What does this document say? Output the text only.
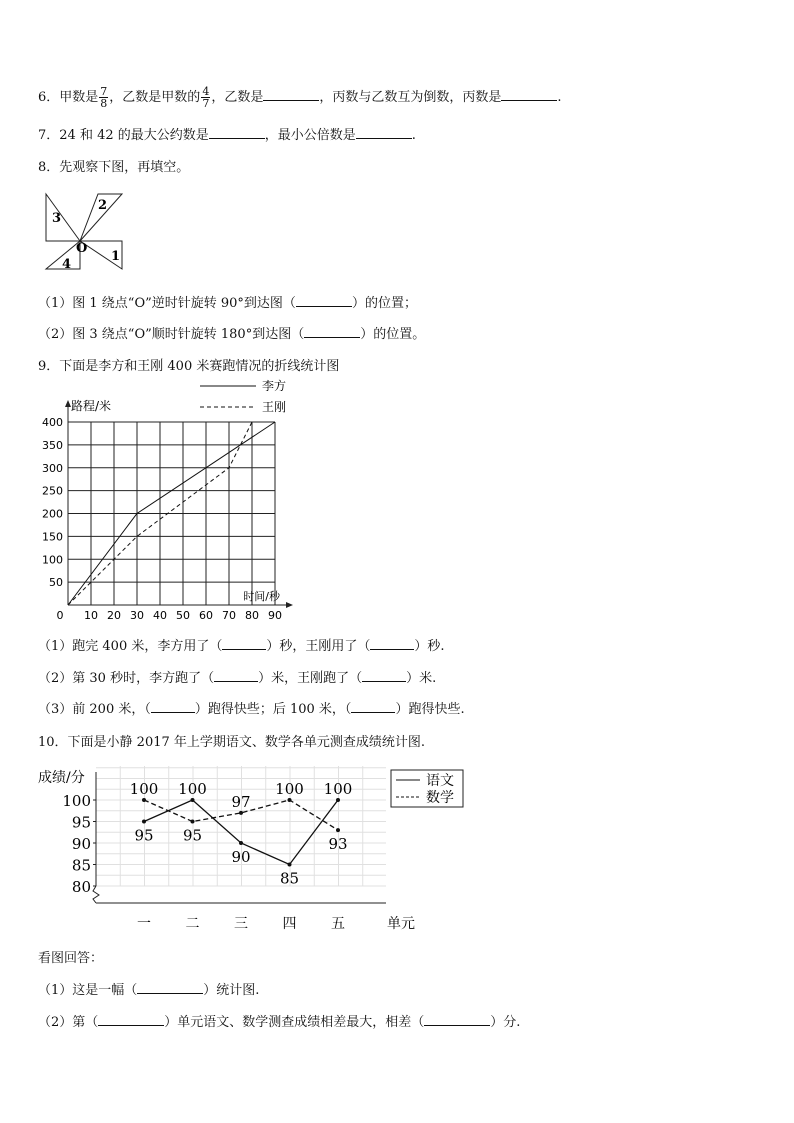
6．甲数是 $\frac{7}{8}$ ，乙数是甲数的 $\frac{4}{7}$ ，乙数是	，丙数与乙数互为倒数，丙数是	.
7．24 和 42 的最大公约数是	，最小公倍数是	.
8．先观察下图，再填空。
3
2
O
1
4
（1）图 1 绕点“O”逆时针旋转 90°到达图（	）的位置；
（2）图 3 绕点“O”顺时针旋转 180°到达图（	）的位置。
9．下面是李方和王刚 400 米赛跑情况的折线统计图
0 10 20 30 40 50 60 70 80 90
50
100
150
200
250
300
350
400
路程/米
时间/秒
李方
王刚
（1）跑完 400 米，李方用了（	）秒，王刚用了（	）秒.
（2）第 30 秒时，李方跑了（	）米，王刚跑了（	）米.
（3）前 200 米，（	）跑得快些；后 100 米，（	）跑得快些.
10．下面是小静 2017 年上学期语文、数学各单元测查成绩统计图.
80
85
90
95
100
成绩/分
一 二 三 四 五	单元
95
100
90
85
100
100
95
97
100
93
语文
数学
看图回答：
（1）这是一幅（	）统计图.
（2）第（	）单元语文、数学测查成绩相差最大，相差（	）分.
